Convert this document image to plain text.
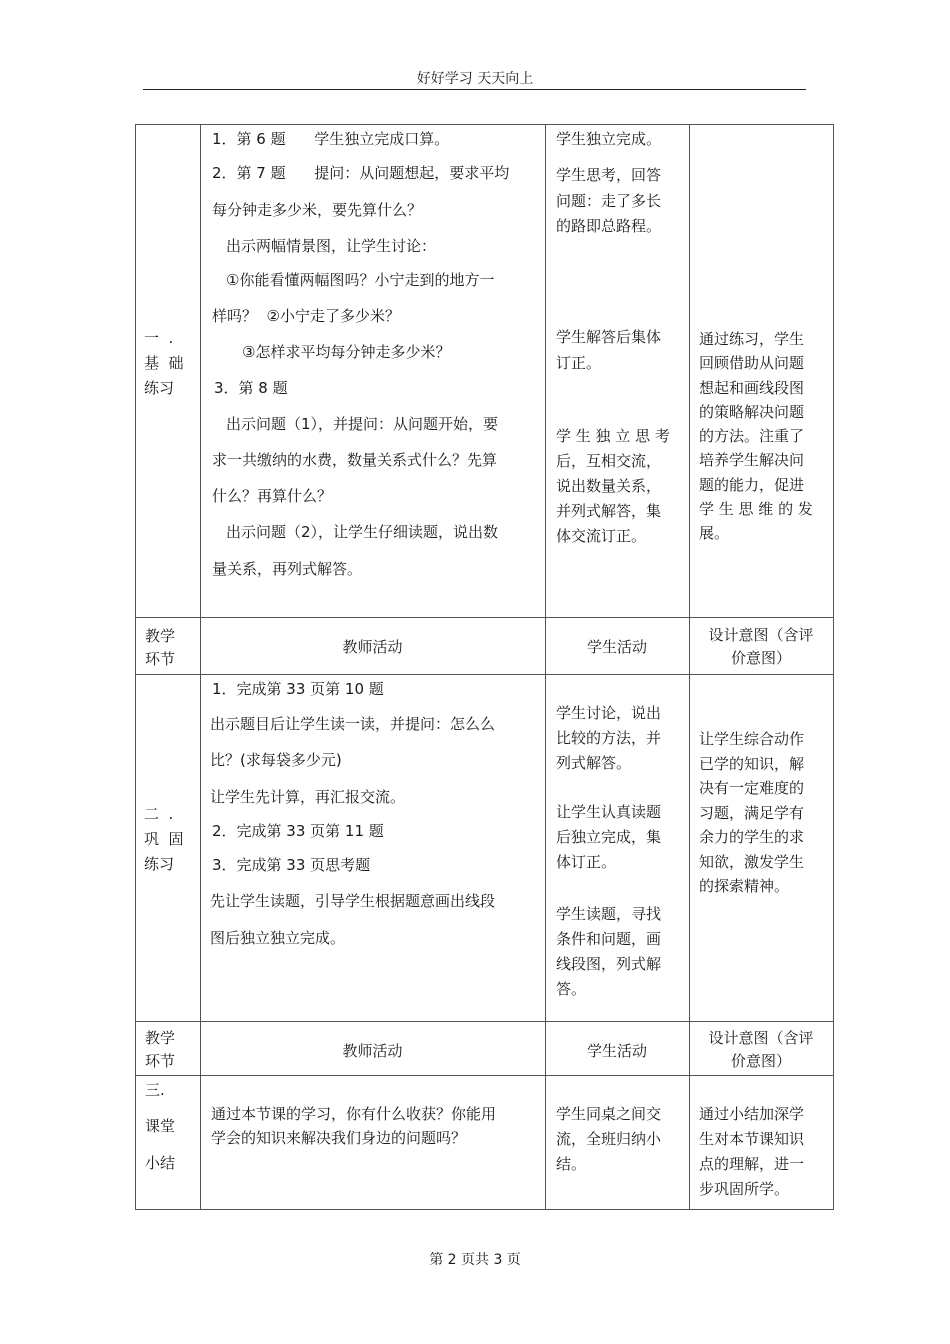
好好学习 天天向上
一  .
基  础
练习
1．第 6 题      学生独立完成口算。
2．第 7 题      提问：从问题想起，要求平均
每分钟走多少米，要先算什么？
出示两幅情景图，让学生讨论：
①你能看懂两幅图吗？小宁走到的地方一
样吗？  ②小宁走了多少米？
③怎样求平均每分钟走多少米？
3．第 8 题
出示问题（1），并提问：从问题开始，要
求一共缴纳的水费，数量关系式什么？先算
什么？再算什么？
出示问题（2），让学生仔细读题，说出数
量关系，再列式解答。
学生独立完成。
学生思考，回答
问题：走了多长
的路即总路程。
学生解答后集体
订正。
学 生 独 立 思 考
后，互相交流，
说出数量关系，
并列式解答，集
体交流订正。
通过练习，学生
回顾借助从问题
想起和画线段图
的策略解决问题
的方法。注重了
培养学生解决问
题的能力，促进
学 生 思 维 的 发
展。
教学
环节
教师活动	学生活动
设计意图（含评
价意图）
二  .
巩  固
练习
1．完成第 33 页第 10 题
出示题目后让学生读一读，并提问：怎么么
比？(求每袋多少元)
让学生先计算，再汇报交流。
2．完成第 33 页第 11 题
3．完成第 33 页思考题
先让学生读题，引导学生根据题意画出线段
图后独立独立完成。
学生讨论，说出
比较的方法，并
列式解答。
让学生认真读题
后独立完成，集
体订正。
学生读题，寻找
条件和问题，画
线段图，列式解
答。
让学生综合动作
已学的知识，解
决有一定难度的
习题，满足学有
余力的学生的求
知欲，激发学生
的探索精神。
教学
环节
教师活动	学生活动
设计意图（含评
价意图）
三.
课堂
小结
通过本节课的学习，你有什么收获？你能用
学会的知识来解决我们身边的问题吗？
学生同桌之间交
流，全班归纳小
结。
通过小结加深学
生对本节课知识
点的理解，进一
步巩固所学。
第 2 页共 3 页
